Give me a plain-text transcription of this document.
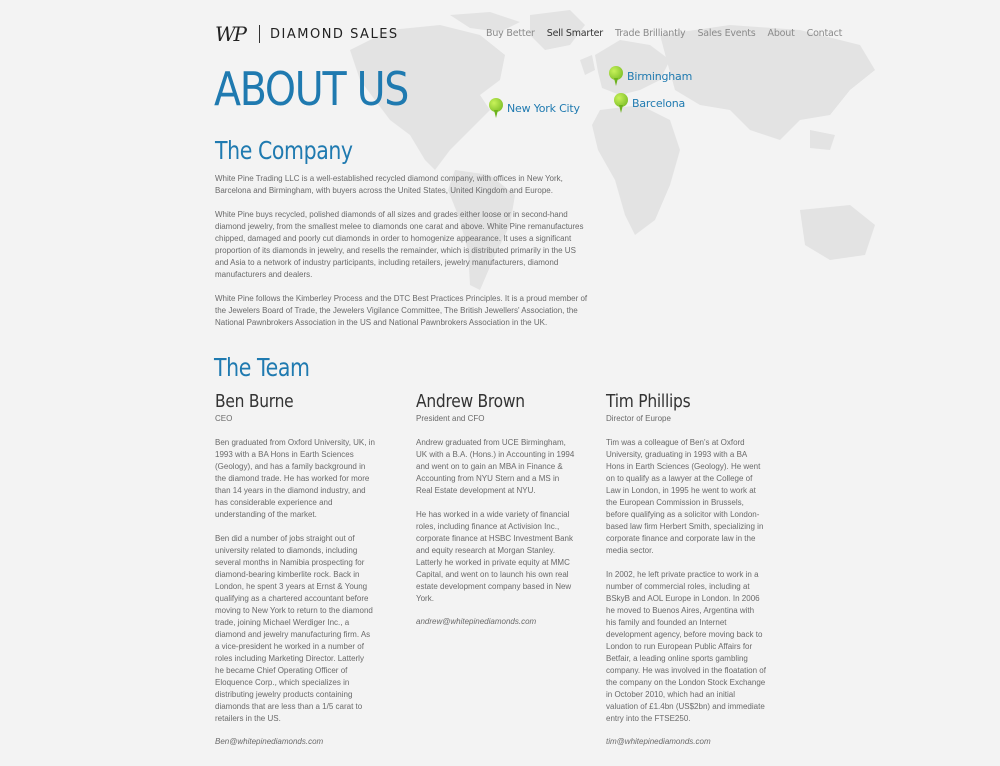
WP DIAMOND SALES	Buy Better Sell Smarter Trade Brilliantly Sales Events About Contact
ABOUT US	New York City
Birmingham
Barcelona
The Company

White Pine Trading LLC is a well-established recycled diamond company, with offices in New York, Barcelona and Birmingham, with buyers across the United States, United Kingdom and Europe.

White Pine buys recycled, polished diamonds of all sizes and grades either loose or in second-hand diamond jewelry, from the smallest melee to diamonds one carat and above. White Pine remanufactures chipped, damaged and poorly cut diamonds in order to homogenize appearance. It uses a significant proportion of its diamonds in jewelry, and resells the remainder, which is distributed primarily in the US and Asia to a network of industry participants, including retailers, jewelry manufacturers, diamond manufacturers and dealers.

White Pine follows the Kimberley Process and the DTC Best Practices Principles. It is a proud member of the Jewelers Board of Trade, the Jewelers Vigilance Committee, The British Jewellers' Association, the National Pawnbrokers Association in the US and National Pawnbrokers Association in the UK.

The Team
Ben Burne
CEO

Ben graduated from Oxford University, UK, in 1993 with a BA Hons in Earth Sciences (Geology), and has a family background in the diamond trade. He has worked for more than 14 years in the diamond industry, and has considerable experience and understanding of the market.

Ben did a number of jobs straight out of university related to diamonds, including several months in Namibia prospecting for diamond-bearing kimberlite rock. Back in London, he spent 3 years at Ernst & Young qualifying as a chartered accountant before moving to New York to return to the diamond trade, joining Michael Werdiger Inc., a diamond and jewelry manufacturing firm. As a vice-president he worked in a number of roles including Marketing Director. Latterly he became Chief Operating Officer of Eloquence Corp., which specializes in distributing jewelry products containing diamonds that are less than a 1/5 carat to retailers in the US.

Ben@whitepinediamonds.com
Andrew Brown
President and CFO

Andrew graduated from UCE Birmingham, UK with a B.A. (Hons.) in Accounting in 1994 and went on to gain an MBA in Finance & Accounting from NYU Stern and a MS in Real Estate development at NYU.

He has worked in a wide variety of financial roles, including finance at Activision Inc., corporate finance at HSBC Investment Bank and equity research at Morgan Stanley. Latterly he worked in private equity at MMC Capital, and went on to launch his own real estate development company based in New York.

andrew@whitepinediamonds.com
Tim Phillips
Director of Europe

Tim was a colleague of Ben's at Oxford University, graduating in 1993 with a BA Hons in Earth Sciences (Geology). He went on to qualify as a lawyer at the College of Law in London, in 1995 he went to work at the European Commission in Brussels, before qualifying as a solicitor with London-based law firm Herbert Smith, specializing in corporate finance and corporate law in the media sector.

In 2002, he left private practice to work in a number of commercial roles, including at BSkyB and AOL Europe in London. In 2006 he moved to Buenos Aires, Argentina with his family and founded an Internet development agency, before moving back to London to run European Public Affairs for Betfair, a leading online sports gambling company. He was involved in the floatation of the company on the London Stock Exchange in October 2010, which had an initial valuation of £1.4bn (US$2bn) and immediate entry into the FTSE250.

tim@whitepinediamonds.com
